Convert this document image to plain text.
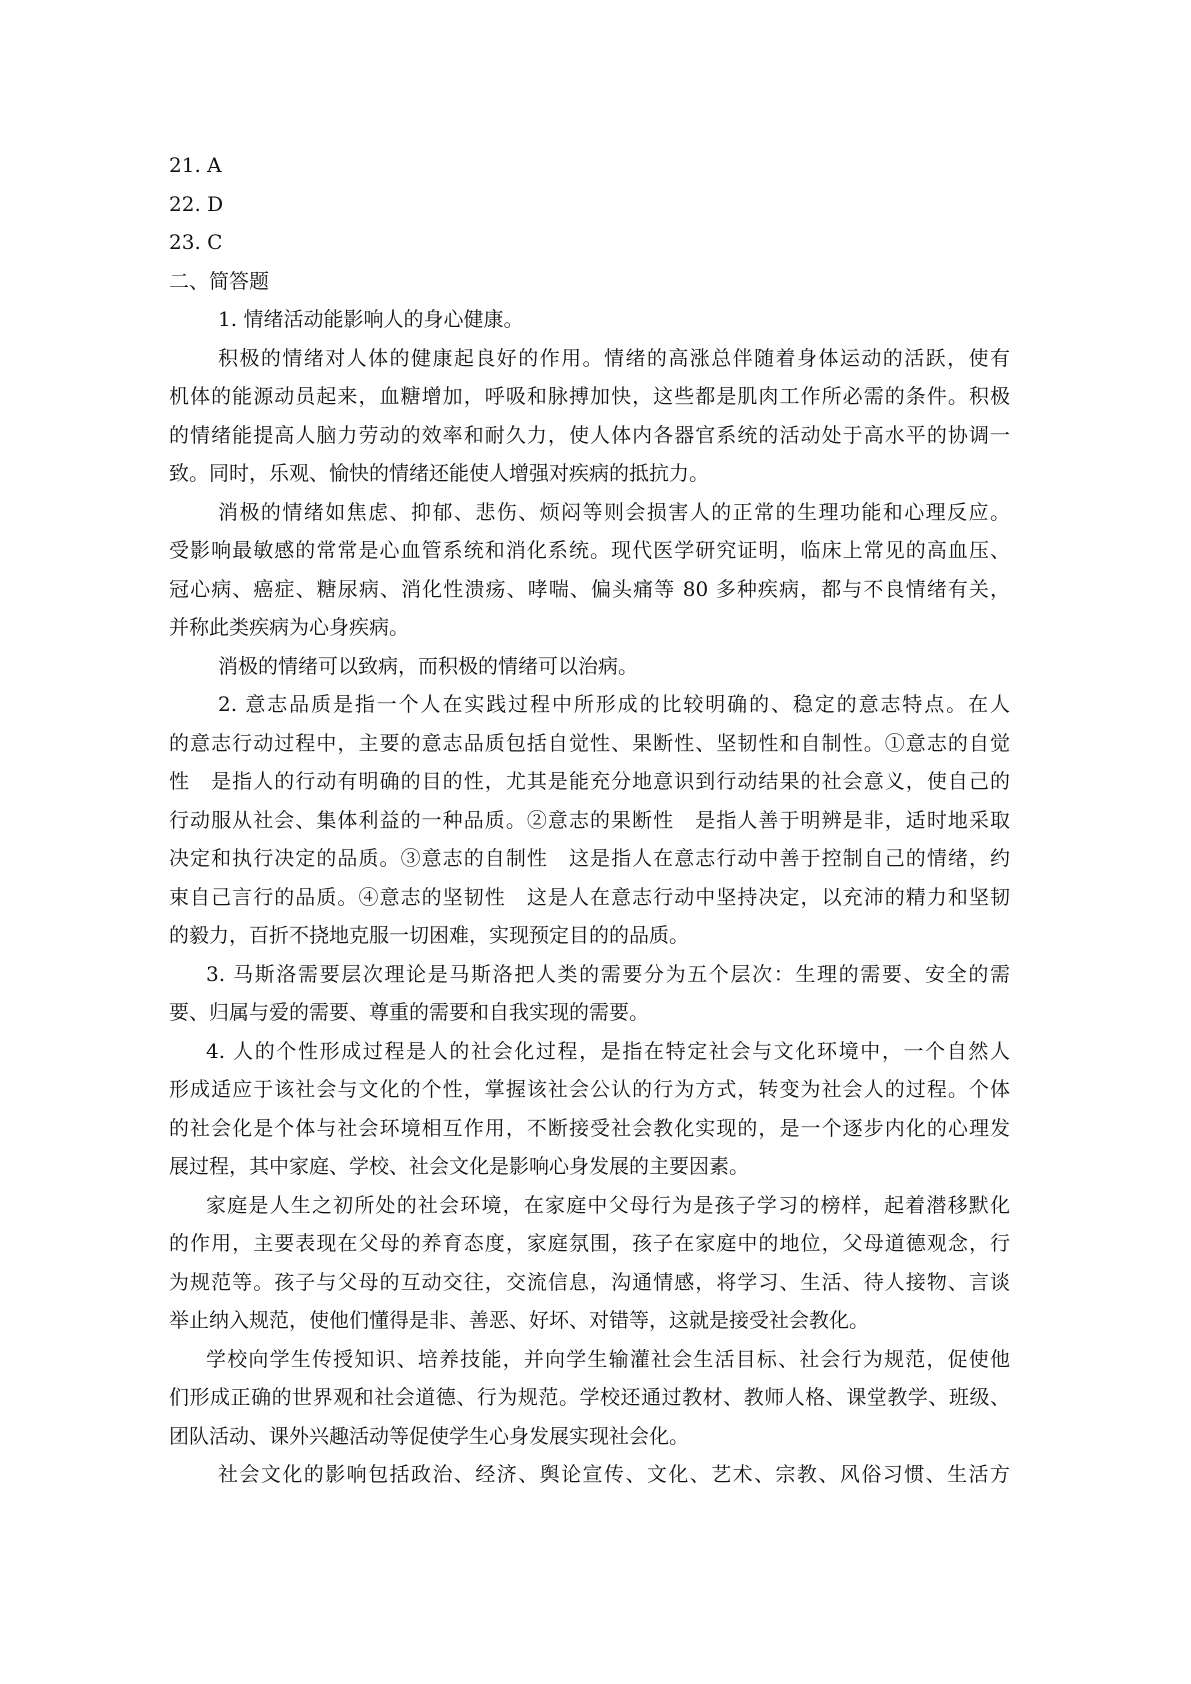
21. A
22. D
23. C
二、简答题
1. 情绪活动能影响人的身心健康。
积极的情绪对人体的健康起良好的作用。情绪的高涨总伴随着身体运动的活跃，使有
机体的能源动员起来，血糖增加，呼吸和脉搏加快，这些都是肌肉工作所必需的条件。积极
的情绪能提高人脑力劳动的效率和耐久力，使人体内各器官系统的活动处于高水平的协调一
致。同时，乐观、愉快的情绪还能使人增强对疾病的抵抗力。
消极的情绪如焦虑、抑郁、悲伤、烦闷等则会损害人的正常的生理功能和心理反应。
受影响最敏感的常常是心血管系统和消化系统。现代医学研究证明，临床上常见的高血压、
冠心病、癌症、糖尿病、消化性溃疡、哮喘、偏头痛等 80 多种疾病，都与不良情绪有关，
并称此类疾病为心身疾病。
消极的情绪可以致病，而积极的情绪可以治病。
2. 意志品质是指一个人在实践过程中所形成的比较明确的、稳定的意志特点。在人
的意志行动过程中，主要的意志品质包括自觉性、果断性、坚韧性和自制性。①意志的自觉
性　是指人的行动有明确的目的性，尤其是能充分地意识到行动结果的社会意义，使自己的
行动服从社会、集体利益的一种品质。②意志的果断性　是指人善于明辨是非，适时地采取
决定和执行决定的品质。③意志的自制性　这是指人在意志行动中善于控制自己的情绪，约
束自己言行的品质。④意志的坚韧性　这是人在意志行动中坚持决定，以充沛的精力和坚韧
的毅力，百折不挠地克服一切困难，实现预定目的的品质。
3. 马斯洛需要层次理论是马斯洛把人类的需要分为五个层次：生理的需要、安全的需
要、归属与爱的需要、尊重的需要和自我实现的需要。
4. 人的个性形成过程是人的社会化过程，是指在特定社会与文化环境中，一个自然人
形成适应于该社会与文化的个性，掌握该社会公认的行为方式，转变为社会人的过程。个体
的社会化是个体与社会环境相互作用，不断接受社会教化实现的，是一个逐步内化的心理发
展过程，其中家庭、学校、社会文化是影响心身发展的主要因素。
家庭是人生之初所处的社会环境，在家庭中父母行为是孩子学习的榜样，起着潜移默化
的作用，主要表现在父母的养育态度，家庭氛围，孩子在家庭中的地位，父母道德观念，行
为规范等。孩子与父母的互动交往，交流信息，沟通情感，将学习、生活、待人接物、言谈
举止纳入规范，使他们懂得是非、善恶、好坏、对错等，这就是接受社会教化。
学校向学生传授知识、培养技能，并向学生输灌社会生活目标、社会行为规范，促使他
们形成正确的世界观和社会道德、行为规范。学校还通过教材、教师人格、课堂教学、班级、
团队活动、课外兴趣活动等促使学生心身发展实现社会化。
社会文化的影响包括政治、经济、舆论宣传、文化、艺术、宗教、风俗习惯、生活方
